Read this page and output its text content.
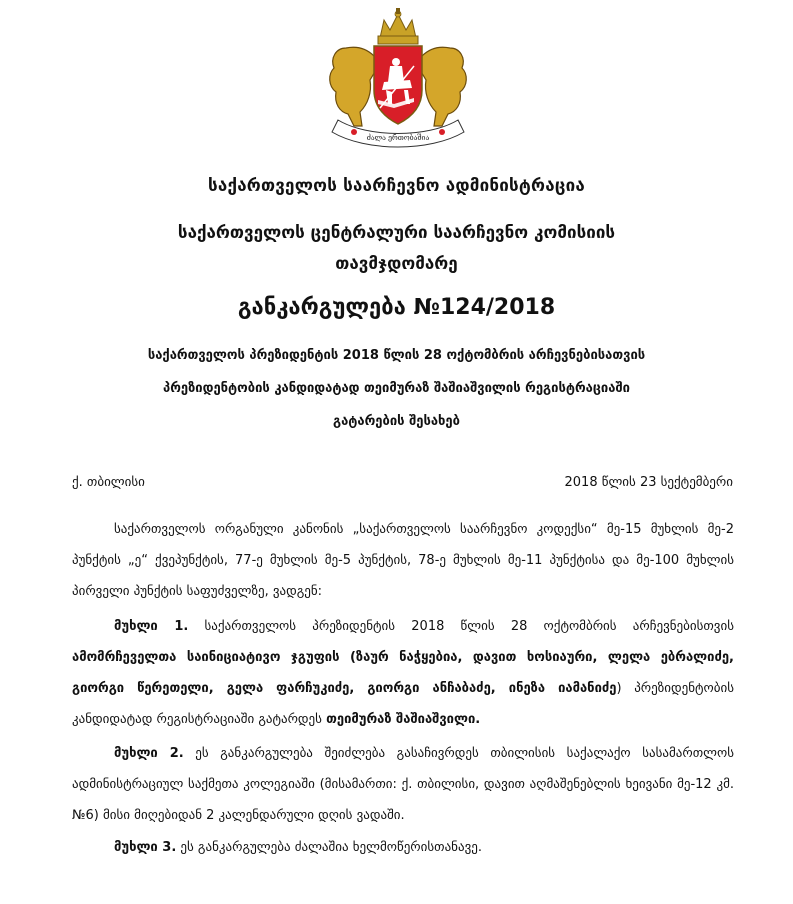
ძალა ერთობაშია
საქართველოს საარჩევნო ადმინისტრაცია
საქართველოს ცენტრალური საარჩევნო კომისიის
თავმჯდომარე
განკარგულება №124/2018
საქართველოს პრეზიდენტის 2018 წლის 28 ოქტომბრის არჩევნებისათვის
პრეზიდენტობის კანდიდატად თეიმურაზ შაშიაშვილის რეგისტრაციაში
გატარების შესახებ
ქ. თბილისი	2018 წლის 23 სექტემბერი
საქართველოს ორგანული კანონის „საქართველოს საარჩევნო კოდექსი“ მე-15 მუხლის მე-2 პუნქტის „ე“ ქვეპუნქტის, 77-ე მუხლის მე-5 პუნქტის, 78-ე მუხლის მე-11 პუნქტისა და მე-100 მუხლის პირველი პუნქტის საფუძველზე, ვადგენ:
მუხლი 1. საქართველოს პრეზიდენტის 2018 წლის 28 ოქტომბრის არჩევნებისთვის ამომრჩეველთა საინიციატივო ჯგუფის (ზაურ ნაჭყებია, დავით ხოსიაური, ლელა ებრალიძე, გიორგი წერეთელი, გელა ფარჩუკიძე, გიორგი ანჩაბაძე, ინეზა იამანიძე) პრეზიდენტობის კანდიდატად რეგისტრაციაში გატარდეს თეიმურაზ შაშიაშვილი.
მუხლი 2. ეს განკარგულება შეიძლება გასაჩივრდეს თბილისის საქალაქო სასამართლოს ადმინისტრაციულ საქმეთა კოლეგიაში (მისამართი: ქ. თბილისი, დავით აღმაშენებლის ხეივანი მე-12 კმ. №6) მისი მიღებიდან 2 კალენდარული დღის ვადაში.
მუხლი 3. ეს განკარგულება ძალაშია ხელმოწერისთანავე.
